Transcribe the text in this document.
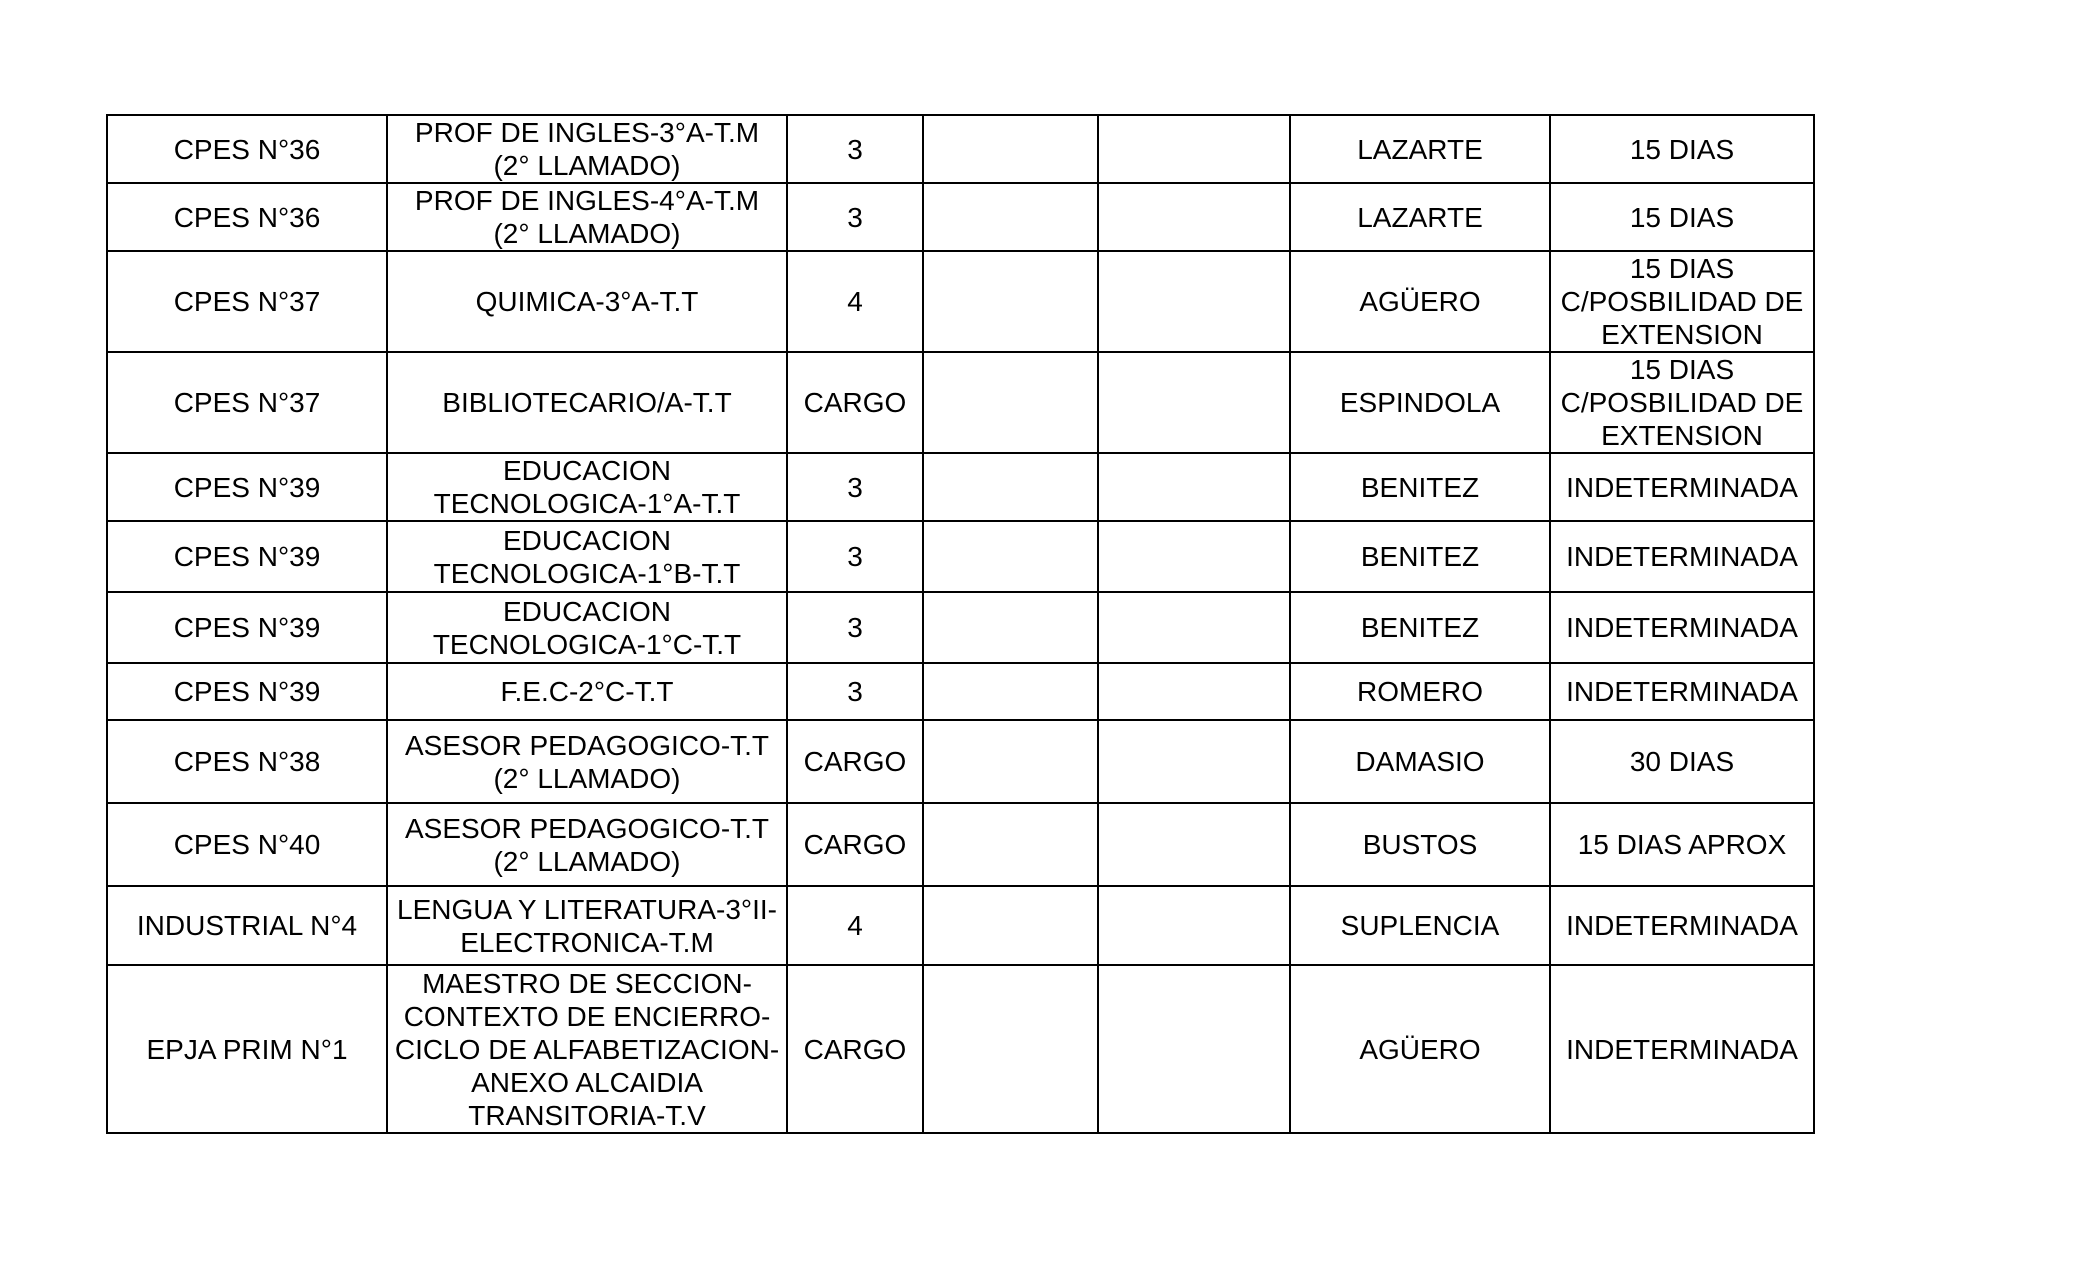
CPES N°36	PROF DE INGLES-3°A-T.M (2° LLAMADO)	3			LAZARTE	15 DIAS
CPES N°36	PROF DE INGLES-4°A-T.M (2° LLAMADO)	3			LAZARTE	15 DIAS
CPES N°37	QUIMICA-3°A-T.T	4			AGÜERO	15 DIAS C/POSBILIDAD DE EXTENSION
CPES N°37	BIBLIOTECARIO/A-T.T	CARGO			ESPINDOLA	15 DIAS C/POSBILIDAD DE EXTENSION
CPES N°39	EDUCACION TECNOLOGICA-1°A-T.T	3			BENITEZ	INDETERMINADA
CPES N°39	EDUCACION TECNOLOGICA-1°B-T.T	3			BENITEZ	INDETERMINADA
CPES N°39	EDUCACION TECNOLOGICA-1°C-T.T	3			BENITEZ	INDETERMINADA
CPES N°39	F.E.C-2°C-T.T	3			ROMERO	INDETERMINADA
CPES N°38	ASESOR PEDAGOGICO-T.T (2° LLAMADO)	CARGO			DAMASIO	30 DIAS
CPES N°40	ASESOR PEDAGOGICO-T.T (2° LLAMADO)	CARGO			BUSTOS	15 DIAS APROX
INDUSTRIAL N°4	LENGUA Y LITERATURA-3°II-ELECTRONICA-T.M	4			SUPLENCIA	INDETERMINADA
EPJA PRIM N°1	MAESTRO DE SECCION-CONTEXTO DE ENCIERRO-CICLO DE ALFABETIZACION-ANEXO ALCAIDIA TRANSITORIA-T.V	CARGO			AGÜERO	INDETERMINADA
